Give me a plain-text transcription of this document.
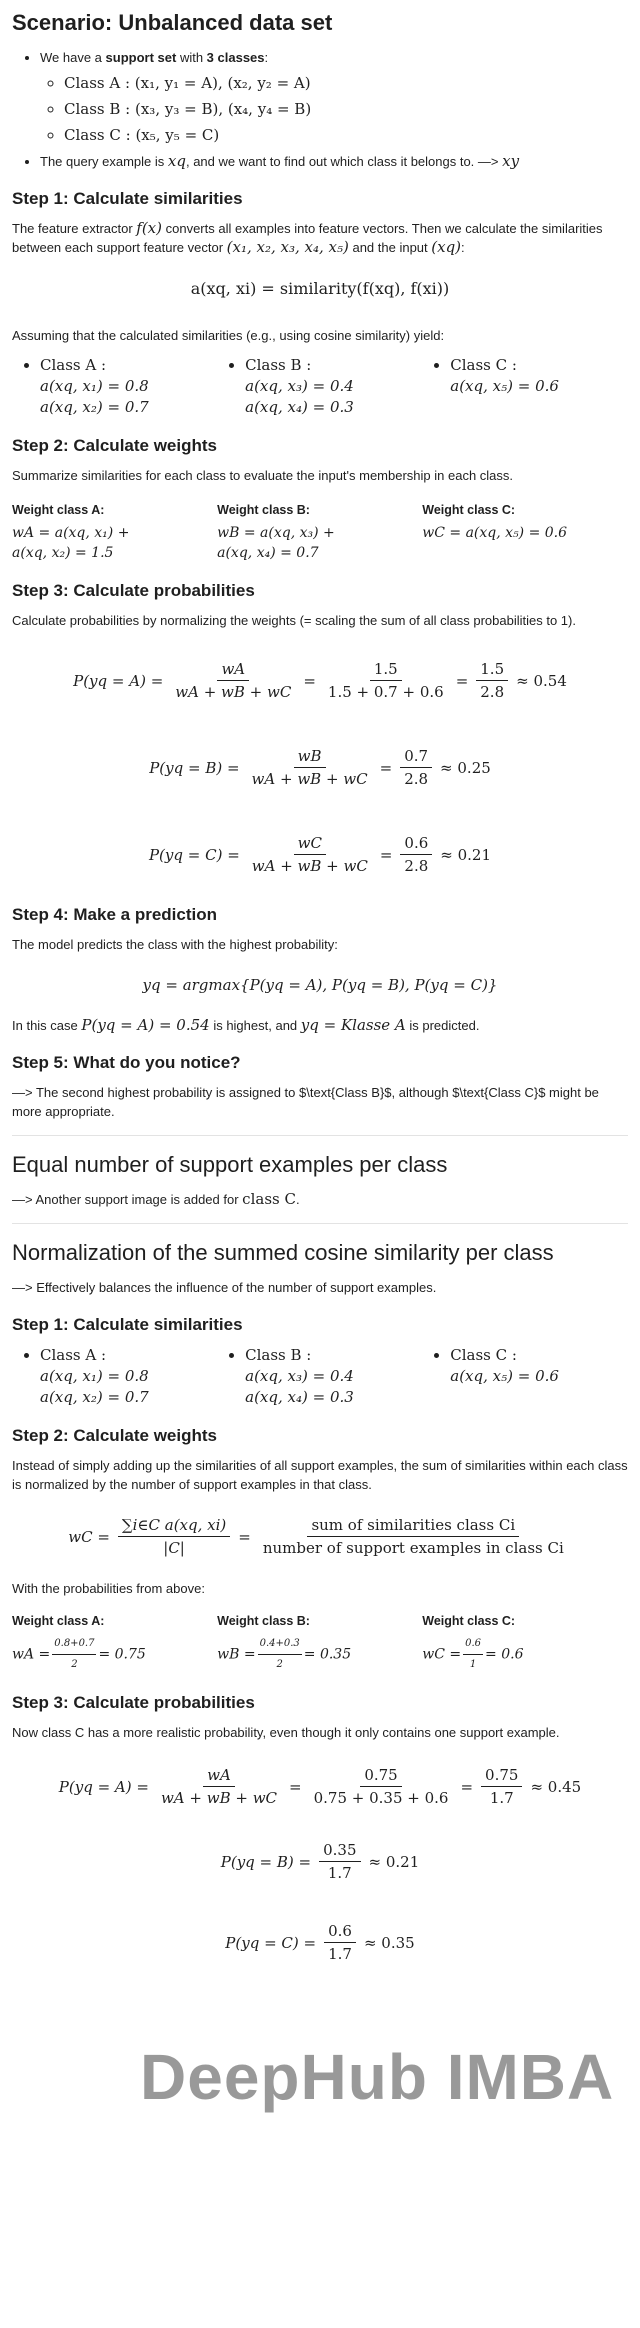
Scenario: Unbalanced data set
• We have a support set with 3 classes:
◦ Class A : (x₁, y₁ = A), (x₂, y₂ = A)
◦ Class B : (x₃, y₃ = B), (x₄, y₄ = B)
◦ Class C : (x₅, y₅ = C)
• The query example is xq, and we want to find out which class it belongs to. —> xy
Step 1: Calculate similarities

The feature extractor f(x) converts all examples into feature vectors. Then we calculate the similarities between each support feature vector (x₁, x₂, x₃, x₄, x₅) and the input (xq):

a(xq, xi) = similarity(f(xq), f(xi))

Assuming that the calculated similarities (e.g., using cosine similarity) yield:

• Class A :
a(xq, x₁) = 0.8
a(xq, x₂) = 0.7
• Class B :
a(xq, x₃) = 0.4
a(xq, x₄) = 0.3
• Class C :
a(xq, x₅) = 0.6
Step 2: Calculate weights

Summarize similarities for each class to evaluate the input's membership in each class.

Weight class A:
wA = a(xq, x₁) +
a(xq, x₂) = 1.5
Weight class B:
wB = a(xq, x₃) +
a(xq, x₄) = 0.7
Weight class C:
wC = a(xq, x₅) = 0.6
Step 3: Calculate probabilities

Calculate probabilities by normalizing the weights (= scaling the sum of all class probabilities to 1).

$P(yq = A) = \frac{wA}{wA + wB + wC} = \frac{1.5}{1.5 + 0.7 + 0.6} = \frac{1.5}{2.8} \approx 0.54$
$P(yq = B) = \frac{wB}{wA + wB + wC} = \frac{0.7}{2.8} \approx 0.25$
$P(yq = C) = \frac{wC}{wA + wB + wC} = \frac{0.6}{2.8} \approx 0.21$
Step 4: Make a prediction

The model predicts the class with the highest probability:

yq = argmax{P(yq = A), P(yq = B), P(yq = C)}

In this case P(yq = A) = 0.54 is highest, and yq = Klasse A is predicted.

Step 5: What do you notice?

—> The second highest probability is assigned to $\text{Class B}$, although $\text{Class C}$ might be more appropriate.

Equal number of support examples per class

—> Another support image is added for class C.

Normalization of the summed cosine similarity per class

—> Effectively balances the influence of the number of support examples.

Step 1: Calculate similarities
• Class A :
a(xq, x₁) = 0.8
a(xq, x₂) = 0.7
• Class B :
a(xq, x₃) = 0.4
a(xq, x₄) = 0.3
• Class C :
a(xq, x₅) = 0.6
Step 2: Calculate weights

Instead of simply adding up the similarities of all support examples, the sum of similarities within each class is normalized by the number of support examples in that class.

wC = $\frac{\text{∑i∈C a(xq, xi)}}{|C|} = \frac{\text{sum of similarities class Ci}}{\text{number of support examples in class Ci}}$

With the probabilities from above:

Weight class A:
wA = $\frac{0.8+0.7}{2} = 0.75$
Weight class B:
wB = $\frac{0.4+0.3}{2} = 0.35$
Weight class C:
wC = $\frac{0.6}{1} = 0.6$
Step 3: Calculate probabilities

Now class C has a more realistic probability, even though it only contains one support example.

$P(yq = A) = \frac{wA}{wA + wB + wC} = \frac{0.75}{0.75 + 0.35 + 0.6} = \frac{0.75}{1.7} \approx 0.45$
$P(yq = B) = \frac{0.35}{1.7} \approx 0.21$
$P(yq = C) = \frac{0.6}{1.7} \approx 0.35$
DeepHub IMBA
